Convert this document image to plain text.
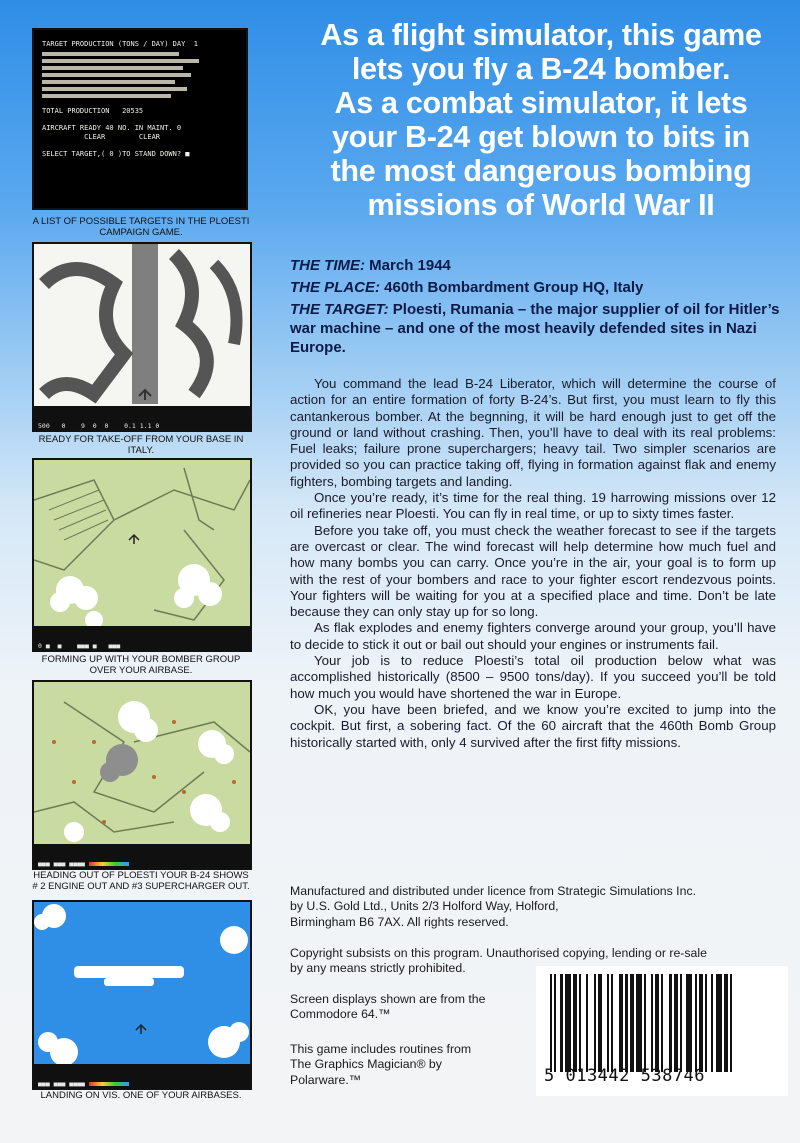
TARGET PRODUCTION (TONS / DAY) DAY  1
TOTAL PRODUCTION   20535
AIRCRAFT READY 40 NO. IN MAINT. 0
CLEAR        CLEAR
SELECT TARGET,( 0 )TO STAND DOWN? ■
A LIST OF POSSIBLE TARGETS IN THE PLOESTI
CAMPAIGN GAME.

500   0    9  0  0    0.1 1.1 0

READY FOR TAKE-OFF FROM YOUR BASE IN
ITALY.

0 ■  ■    ■■■ ■   ■■■

FORMING UP WITH YOUR BOMBER GROUP
OVER YOUR AIRBASE.

■■■ ■■■ ■■■■

HEADING OUT OF PLOESTI YOUR B-24 SHOWS
# 2 ENGINE OUT AND #3 SUPERCHARGER OUT.

■■■ ■■■ ■■■■

LANDING ON VIS. ONE OF YOUR AIRBASES.
As a flight simulator, this game
lets you fly a B-24 bomber.
As a combat simulator, it lets
your B-24 get blown to bits in
the most dangerous bombing
missions of World War II
THE TIME: March 1944
THE PLACE: 460th Bombardment Group HQ, Italy
THE TARGET: Ploesti, Rumania – the major supplier of oil for Hitler’s war machine – and one of the most heavily defended sites in Nazi Europe.

You command the lead B-24 Liberator, which will determine the course of action for an entire formation of forty B-24’s. But first, you must learn to fly this cantankerous bomber. At the begnning, it will be hard enough just to get off the ground or land without crashing. Then, you’ll have to deal with its real problems: Fuel leaks; failure prone superchargers; heavy tail. Two simpler scenarios are provided so you can practice taking off, flying in formation against flak and enemy fighters, bombing targets and landing.

Once you’re ready, it’s time for the real thing. 19 harrowing missions over 12 oil refineries near Ploesti. You can fly in real time, or up to sixty times faster.

Before you take off, you must check the weather forecast to see if the targets are overcast or clear. The wind forecast will help determine how much fuel and how many bombs you can carry. Once you’re in the air, your goal is to form up with the rest of your bombers and race to your fighter escort rendezvous points. Your fighters will be waiting for you at a specified place and time. Don’t be late because they can only stay up for so long.

As flak explodes and enemy fighters converge around your group, you’ll have to decide to stick it out or bail out should your engines or instruments fail.

Your job is to reduce Ploesti’s total oil production below what was accomplished historically (8500 – 9500 tons/day). If you succeed you’ll be told how much you would have shortened the war in Europe.

OK, you have been briefed, and we know you’re excited to jump into the cockpit. But first, a sobering fact. Of the 60 aircraft that the 460th Bomb Group historically started with, only 4 survived after the first fifty missions.

Manufactured and distributed under licence from Strategic Simulations Inc.
by U.S. Gold Ltd., Units 2/3 Holford Way, Holford,
Birmingham B6 7AX. All rights reserved.
Copyright subsists on this program. Unauthorised copying, lending or re-sale
by any means strictly prohibited.
Screen displays shown are from the
Commodore 64.™
This game includes routines from
The Graphics Magician® by
Polarware.™	5 013442 538746
